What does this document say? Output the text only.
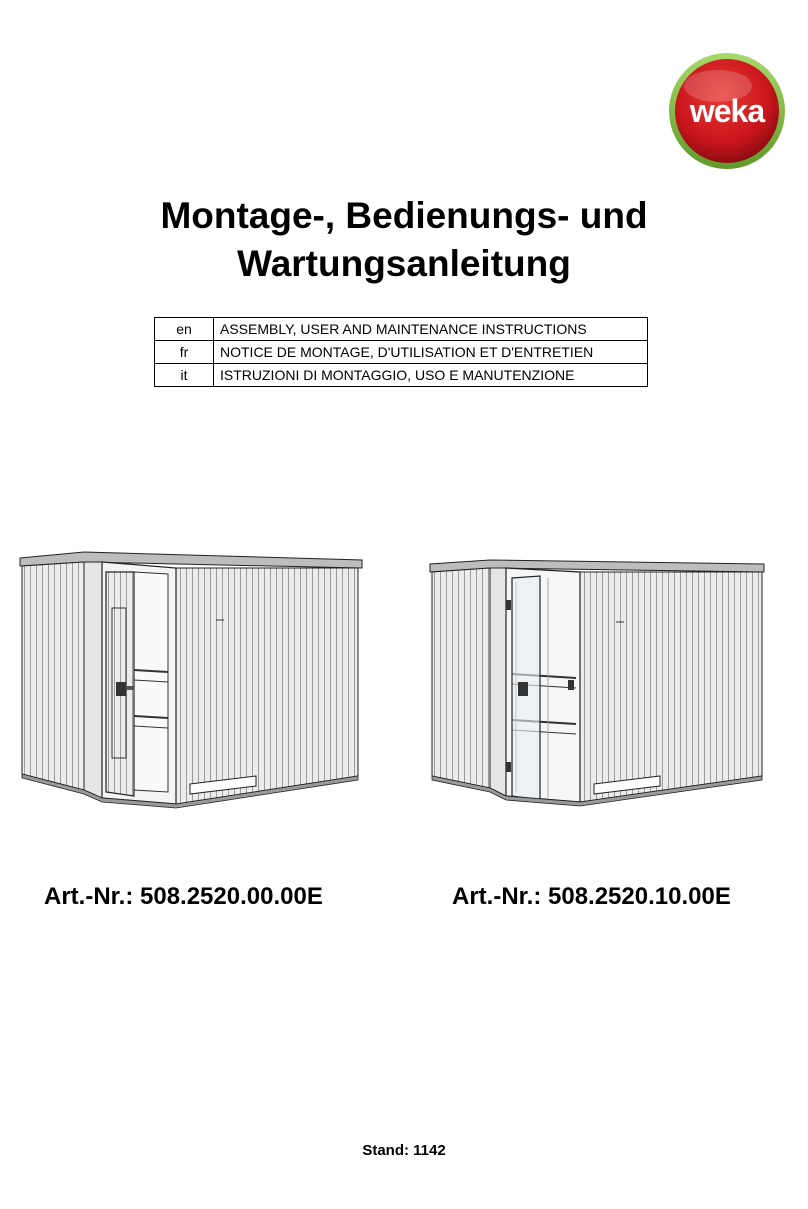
weka
Montage-, Bedienungs- und
Wartungsanleitung
en	ASSEMBLY, USER AND MAINTENANCE INSTRUCTIONS
fr	NOTICE DE MONTAGE, D'UTILISATION ET D'ENTRETIEN
it	ISTRUZIONI DI MONTAGGIO, USO E MANUTENZIONE
Art.-Nr.: 508.2520.00.00E	Art.-Nr.: 508.2520.10.00E
Stand: 1142
